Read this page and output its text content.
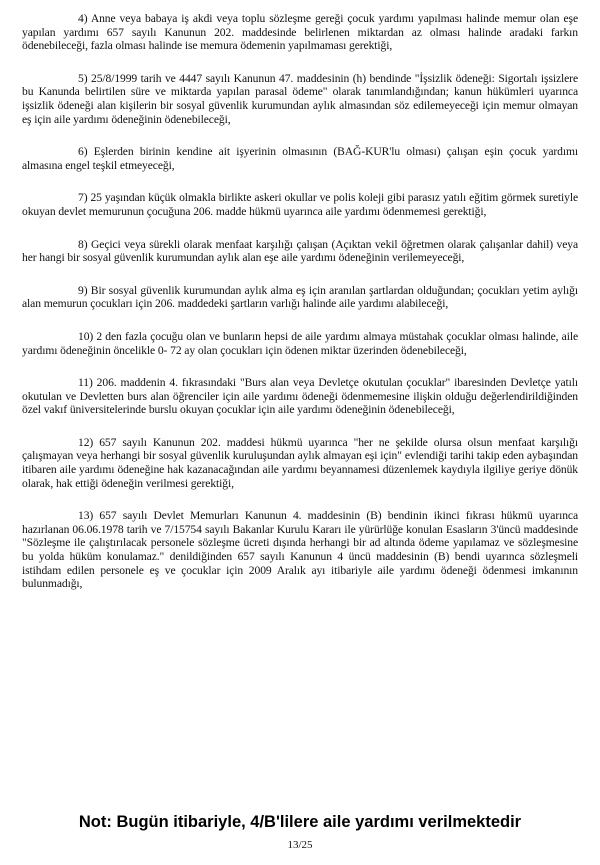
4) Anne veya babaya iş akdi veya toplu sözleşme gereği çocuk yardımı yapılması halinde memur olan eşe yapılan yardımı 657 sayılı Kanunun 202. maddesinde belirlenen miktardan az olması halinde aradaki farkın ödenebileceği, fazla olması halinde ise memura ödemenin yapılmaması gerektiği,

5) 25/8/1999 tarih ve 4447 sayılı Kanunun 47. maddesinin (h) bendinde "İşsizlik ödeneği: Sigortalı işsizlere bu Kanunda belirtilen süre ve miktarda yapılan parasal ödeme" olarak tanımlandığından; kanun hükümleri uyarınca işsizlik ödeneği alan kişilerin bir sosyal güvenlik kurumundan aylık almasından söz edilemeyeceği için memur olmayan eş için aile yardımı ödeneğinin ödenebileceği,

6) Eşlerden birinin kendine ait işyerinin olmasının (BAĞ-KUR'lu olması) çalışan eşin çocuk yardımı almasına engel teşkil etmeyeceği,

7) 25 yaşından küçük olmakla birlikte askeri okullar ve polis koleji gibi parasız yatılı eğitim görmek suretiyle okuyan devlet memurunun çocuğuna 206. madde hükmü uyarınca aile yardımı ödenmemesi gerektiği,

8) Geçici veya sürekli olarak menfaat karşılığı çalışan (Açıktan vekil öğretmen olarak çalışanlar dahil) veya her hangi bir sosyal güvenlik kurumundan aylık alan eşe aile yardımı ödeneğinin verilemeyeceği,

9) Bir sosyal güvenlik kurumundan aylık alma eş için aranılan şartlardan olduğundan; çocukları yetim aylığı alan memurun çocukları için 206. maddedeki şartların varlığı halinde aile yardımı alabileceği,

10) 2 den fazla çocuğu olan ve bunların hepsi de aile yardımı almaya müstahak çocuklar olması halinde, aile yardımı ödeneğinin öncelikle 0- 72 ay olan çocukları için ödenen miktar üzerinden ödenebileceği,

11) 206. maddenin 4. fıkrasındaki "Burs alan veya Devletçe okutulan çocuklar" ibaresinden Devletçe yatılı okutulan ve Devletten burs alan öğrenciler için aile yardımı ödeneği ödenmemesine ilişkin olduğu değerlendirildiğinden özel vakıf üniversitelerinde burslu okuyan çocuklar için aile yardımı ödeneğinin ödenebileceği,

12) 657 sayılı Kanunun 202. maddesi hükmü uyarınca "her ne şekilde olursa olsun menfaat karşılığı çalışmayan veya herhangi bir sosyal güvenlik kuruluşundan aylık almayan eşi için" evlendiği tarihi takip eden aybaşından itibaren aile yardımı ödeneğine hak kazanacağından aile yardımı beyannamesi düzenlemek kaydıyla ilgiliye geriye dönük olarak, hak ettiği ödeneğin verilmesi gerektiği,

13) 657 sayılı Devlet Memurları Kanunun 4. maddesinin (B) bendinin ikinci fıkrası hükmü uyarınca hazırlanan 06.06.1978 tarih ve 7/15754 sayılı Bakanlar Kurulu Kararı ile yürürlüğe konulan Esasların 3'üncü maddesinde "Sözleşme ile çalıştırılacak personele sözleşme ücreti dışında herhangi bir ad altında ödeme yapılamaz ve sözleşmesine bu yolda hüküm konulamaz." denildiğinden 657 sayılı Kanunun 4 üncü maddesinin (B) bendi uyarınca sözleşmeli istihdam edilen personele eş ve çocuklar için 2009 Aralık ayı itibariyle aile yardımı ödeneği ödenmesi imkanının bulunmadığı,

Not: Bugün itibariyle, 4/B'lilere aile yardımı verilmektedir
13/25
